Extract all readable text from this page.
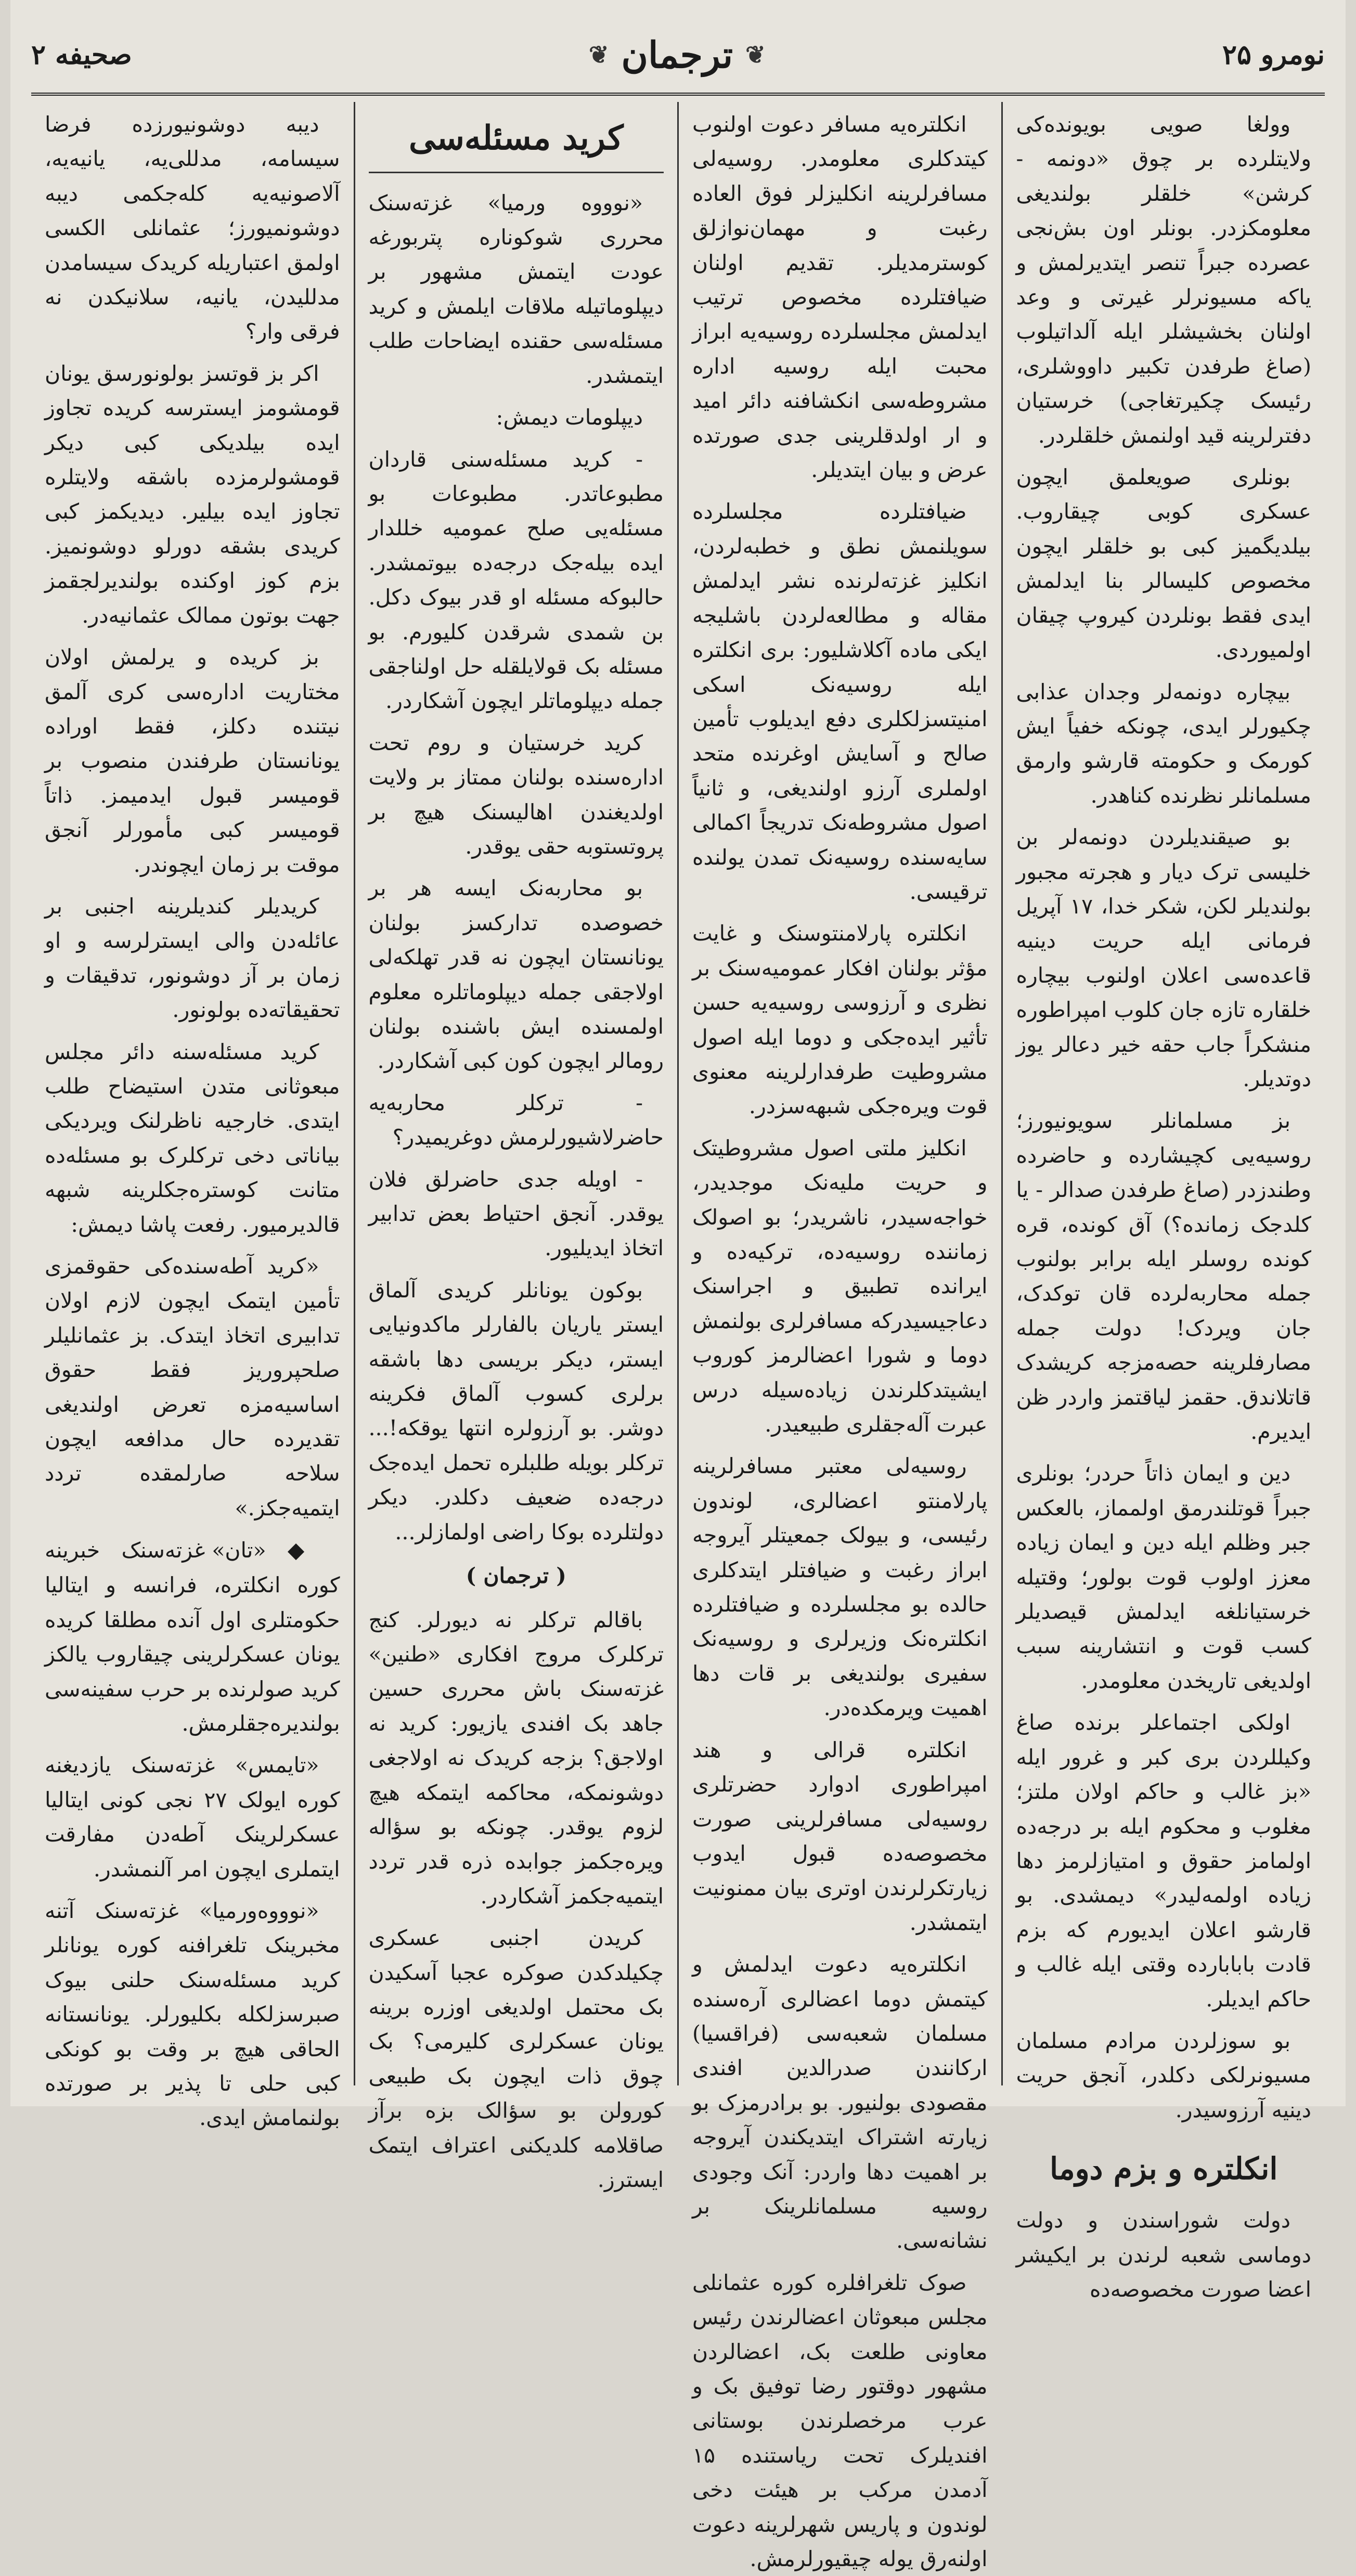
نومرو ۲۵
❦
ترجمان
❦
صحیفه ۲

وولغا صویی بویونده‌کی ولایتلرده بر چوق «دونمه - کرشن» خلقلر بولندیغی معلومکزدر. بونلر اون بش‌نجی عصرده جبراً تنصر ایتدیرلمش و یاکه مسیونرلر غیرتی و وعد اولنان بخشیشلر ایله آلداتیلوب (صاغ طرفدن تکبیر داووشلری، رئیسک چکیرتغاجی) خرستیان دفترلرینه قید اولنمش خلقلردر.

بونلری صویعلمق ایچون عسکری کوبی چیقاروب. بیلدیگمیز کبی بو خلقلر ایچون مخصوص کلیسالر بنا ایدلمش ایدی فقط بونلردن کیروپ چیقان اولمیوردی.

بیچاره دونمه‌لر وجدان عذابی چکیورلر ایدی، چونکه خفیاً ایش کورمک و حکومته قارشو وارمق مسلمانلر نظرنده کناهدر.

بو صیقندیلردن دونمه‌لر بن خلیسی ترک دیار و هجرته مجبور بولندیلر لکن، شکر خدا، ۱۷ آپریل فرمانی ایله حریت دینیه قاعده‌سی اعلان اولنوب بیچاره خلقاره تازه جان کلوب امپراطوره منشکراً جاب حقه خیر دعالر یوز دوتدیلر.

بز مسلمانلر سویونیورز؛ روسیه‌یی کچیشارده و حاضرده وطندزدر (صاغ طرفدن صدالر - یا کلدجک زمانده؟) آق کونده، قره کونده روسلر ایله برابر بولنوب جمله محاربه‌لرده قان توکدک، جان ویردک! دولت جمله مصارفلرینه حصه‌مزجه کریشدک قاتلاندق. حقمز لیاقتمز واردر ظن ایدیرم.

دین و ایمان ذاتاً حردر؛ بونلری جبراً قوتلندرمق اولمماز، بالعکس جبر وظلم ایله دین و ایمان زیاده معزز اولوب قوت بولور؛ وقتیله خرستیانلغه ایدلمش قیصدیلر کسب قوت و انتشارینه سبب اولدیغی تاریخدن معلومدر.

اولکی اجتماعلر برنده صاغ وکیللردن بری کبر و غرور ایله «بز غالب و حاکم اولان ملتز؛ مغلوب و محکوم ایله بر درجه‌ده اولمامز حقوق و امتیازلرمز دها زیاده اولمه‌لیدر» دیمشدی. بو قارشو اعلان ایدیورم که بزم قادت بابابارده وقتی ایله غالب و حاکم ایدیلر.

بو سوزلردن مرادم مسلمان مسیونرلکی دکلدر، آنجق حریت دینیه آرزوسیدر.

انکلتره و بزم دوما

دولت شوراسندن و دولت دوماسی شعبه لرندن بر ایکیشر اعضا صورت مخصوصه‌ده

انکلتره‌یه مسافر دعوت اولنوب کیتدکلری معلومدر. روسیه‌لی مسافرلرینه انکلیزلر فوق العاده رغبت و مهمان‌نوازلق کوسترمدیلر. تقدیم اولنان ضیافتلرده مخصوص ترتیب ایدلمش مجلسلرده روسیه‌یه ابراز محبت ایله روسیه اداره مشروطه‌سی انکشافنه دائر امید و ار اولدقلرینی جدی صورتده عرض و بیان ایتدیلر.

ضیافتلرده مجلسلرده سویلنمش نطق و خطبه‌لردن، انکلیز غزته‌لرنده نشر ایدلمش مقاله و مطالعه‌لردن باشلیجه ایکی ماده آکلاشلیور: بری انکلتره ایله روسیه‌نک اسکی امنیتسزلکلری دفع ایدیلوب تأمین صالح و آسایش اوغرنده متحد اولملری آرزو اولندیغی، و ثانیاً اصول مشروطه‌نک تدریجاً اکمالی سایه‌سنده روسیه‌نک تمدن یولنده ترقیسی.

انکلتره پارلامنتوسنک و غایت مؤثر بولنان افکار عمومیه‌سنک بر نظری و آرزوسی روسیه‌یه حسن تأثیر ایده‌جکی و دوما ایله اصول مشروطیت طرفدارلرینه معنوی قوت ویره‌جکی شبهه‌سزدر.

انکلیز ملتی اصول مشروطیتک و حریت ملیه‌نک موجدیدر، خواجه‌سیدر، ناشریدر؛ بو اصولک زماننده روسیه‌ده، ترکیه‌ده و ایرانده تطبیق و اجراسنک دعاجیسیدرکه مسافرلری بولنمش دوما و شورا اعضالرمز کوروب ایشیتدکلرندن زیاده‌سیله درس عبرت آله‌جقلری طبیعیدر.

روسیه‌لی معتبر مسافرلرینه پارلامنتو اعضالری، لوندون رئیسی، و بیولک جمعیتلر آیروجه ابراز رغبت و ضیافتلر ایتدکلری حالده بو مجلسلرده و ضیافتلرده انکلتره‌نک وزیرلری و روسیه‌نک سفیری بولندیغی بر قات دها اهمیت ویرمکده‌در.

انکلتره قرالی و هند امپراطوری ادوارد حضرتلری روسیه‌لی مسافرلرینی صورت مخصوصه‌ده قبول ایدوب زیارتکرلرندن اوتری بیان ممنونیت ایتمشدر.

انکلتره‌یه دعوت ایدلمش و کیتمش دوما اعضالری آره‌سنده مسلمان شعبه‌سی (فراقسیا) ارکانندن صدرالدین افندی مقصودی بولنیور. بو برادرمزک بو زیارته اشتراک ایتدیکندن آیروجه بر اهمیت دها واردر: آنک وجودی روسیه مسلمانلرینک بر نشانه‌سی.

صوک تلغرافلره کوره عثمانلی مجلس مبعوثان اعضالرندن رئیس معاونی طلعت بک، اعضالردن مشهور دوقتور رضا توفیق بک و عرب مرخصلرندن بوستانی افندیلرک تحت ریاستنده ۱۵ آدمدن مرکب بر هیئت دخی لوندون و پاریس شهرلرینه دعوت اولنه‌رق یوله چیقیورلرمش.

کرید مسئله‌سی

«نوووه ورمیا» غزته‌سنک محرری شوکوناره پتربورغه عودت ایتمش مشهور بر دیپلوماتیله ملاقات ایلمش و کرید مسئله‌سی حقنده ایضاحات طلب ایتمشدر.

دیپلومات دیمش:

- کرید مسئله‌سنی قاردان مطبوعاتدر. مطبوعات بو مسئله‌یی صلح عمومیه خللدار ایده بیله‌جک درجه‌ده بیوتمشدر. حالبوکه مسئله او قدر بیوک دکل. بن شمدی شرقدن کلیورم. بو مسئله بک قولایلقله حل اولناجقی جمله دیپلوماتلر ایچون آشکاردر.

کرید خرستیان و روم تحت اداره‌سنده بولنان ممتاز بر ولایت اولدیغندن اهالیسنک هیچ بر پروتستوبه حقی یوقدر.

بو محاربه‌نک ایسه هر بر خصوصده تدارکسز بولنان یونانستان ایچون نه قدر تهلکه‌لی اولاجقی جمله دیپلوماتلره معلوم اولمسنده ایش باشنده بولنان رومالر ایچون کون کبی آشکاردر.

- ترکلر محاربه‌یه حاضرلاشیورلرمش دوغریمیدر؟

- اویله جدی حاضرلق فلان یوقدر. آنجق احتیاط بعض تدابیر اتخاذ ایدیلیور.

بوکون یونانلر کریدی آلماق ایستر یاریان بالفارلر ماکدونیایی ایستر، دیکر بریسی دها باشقه برلری کسوب آلماق فکرینه دوشر. بو آرزولره انتها یوقکه!... ترکلر بویله طلبلره تحمل ایده‌جک درجه‌ده ضعیف دکلدر. دیکر دولتلرده بوکا راضی اولمازلر...

( ترجمان )

باقالم ترکلر نه دیورلر. کنج ترکلرک مروج افکاری «طنین» غزته‌سنک باش محرری حسین جاهد بک افندی یازیور: کرید نه اولاجق؟ بزجه کریدک نه اولاجغی دوشونمکه، محاکمه ایتمکه هیچ لزوم یوقدر. چونکه بو سؤاله ویره‌جکمز جوابده ذره قدر تردد ایتمیه‌جکمز آشکاردر.

کریدن اجنبی عسکری چکیلدکدن صوکره عجبا آسکیدن بک محتمل اولدیغی اوزره برینه یونان عسکرلری کلیرمی؟ بک چوق ذات ایچون بک طبیعی کورولن بو سؤالک بزه برآز صاقلامه کلدیکنی اعتراف ایتمک ایسترز.

دیبه دوشونیورزده فرضا سیسامه، مدللی‌یه، یانیه‌یه، آلاصونیه‌یه کله‌جکمی دیبه دوشونمیورز؛ عثمانلی الکسی اولمق اعتباریله کریدک سیسامدن مدللیدن، یانیه، سلانیکدن نه فرقی وار؟

اکر بز قوتسز بولونورسق یونان قومشومز ایسترسه کریده تجاوز ایده بیلدیکی کبی دیکر قومشولرمزده باشقه ولایتلره تجاوز ایده بیلیر. دیدیکمز کبی کریدی بشقه دورلو دوشونمیز. بزم کوز اوکنده بولندیرلجقمز جهت بوتون ممالک عثمانیه‌در.

بز کریده و یرلمش اولان مختاریت اداره‌سی کری آلمق نیتنده دکلز، فقط اوراده یونانستان طرفندن منصوب بر قومیسر قبول ایدمیمز. ذاتاً قومیسر کبی مأمورلر آنجق موقت بر زمان ایچوندر.

کریدیلر کندیلرینه اجنبی بر عائله‌دن والی ایسترلرسه و او زمان بر آز دوشونور، تدقیقات و تحقیقاته‌ده بولونور.

کرید مسئله‌سنه دائر مجلس مبعوثانی متدن استیضاح طلب ایتدی. خارجیه ناظرلنک ویردیکی بیاناتی دخی ترکلرک بو مسئله‌ده متانت کوستره‌جکلرینه شبهه قالدیرمیور. رفعت پاشا دیمش:

«کرید آطه‌سنده‌کی حقوقمزی تأمین ایتمک ایچون لازم اولان تدابیری اتخاذ ایتدک. بز عثمانلیلر صلحپروریز فقط حقوق اساسیه‌مزه تعرض اولندیغی تقدیرده حال مدافعه ایچون سلاحه صارلمقده تردد ایتمیه‌جکز.»

◆ «تان» غزته‌سنک خبرینه کوره انکلتره، فرانسه و ایتالیا حکومتلری اول آنده مطلقا کریده یونان عسکرلرینی چیقاروب یالکز کرید صولرنده بر حرب سفینه‌سی بولندیره‌جقلرمش.

«تایمس» غزته‌سنک یازدیغنه کوره ایولک ۲۷ نجی کونی ایتالیا عسکرلرینک آطه‌دن مفارقت ایتملری ایچون امر آلنمشدر.

«نوووه‌ورمیا» غزته‌سنک آتنه مخبرینک تلغرافنه کوره یونانلر کرید مسئله‌سنک حلنی بیوک صبرسزلکله بکلیورلر. یونانستانه الحاقی هیچ بر وقت بو کونکی کبی حلی تا پذیر بر صورتده بولنمامش ایدی.
